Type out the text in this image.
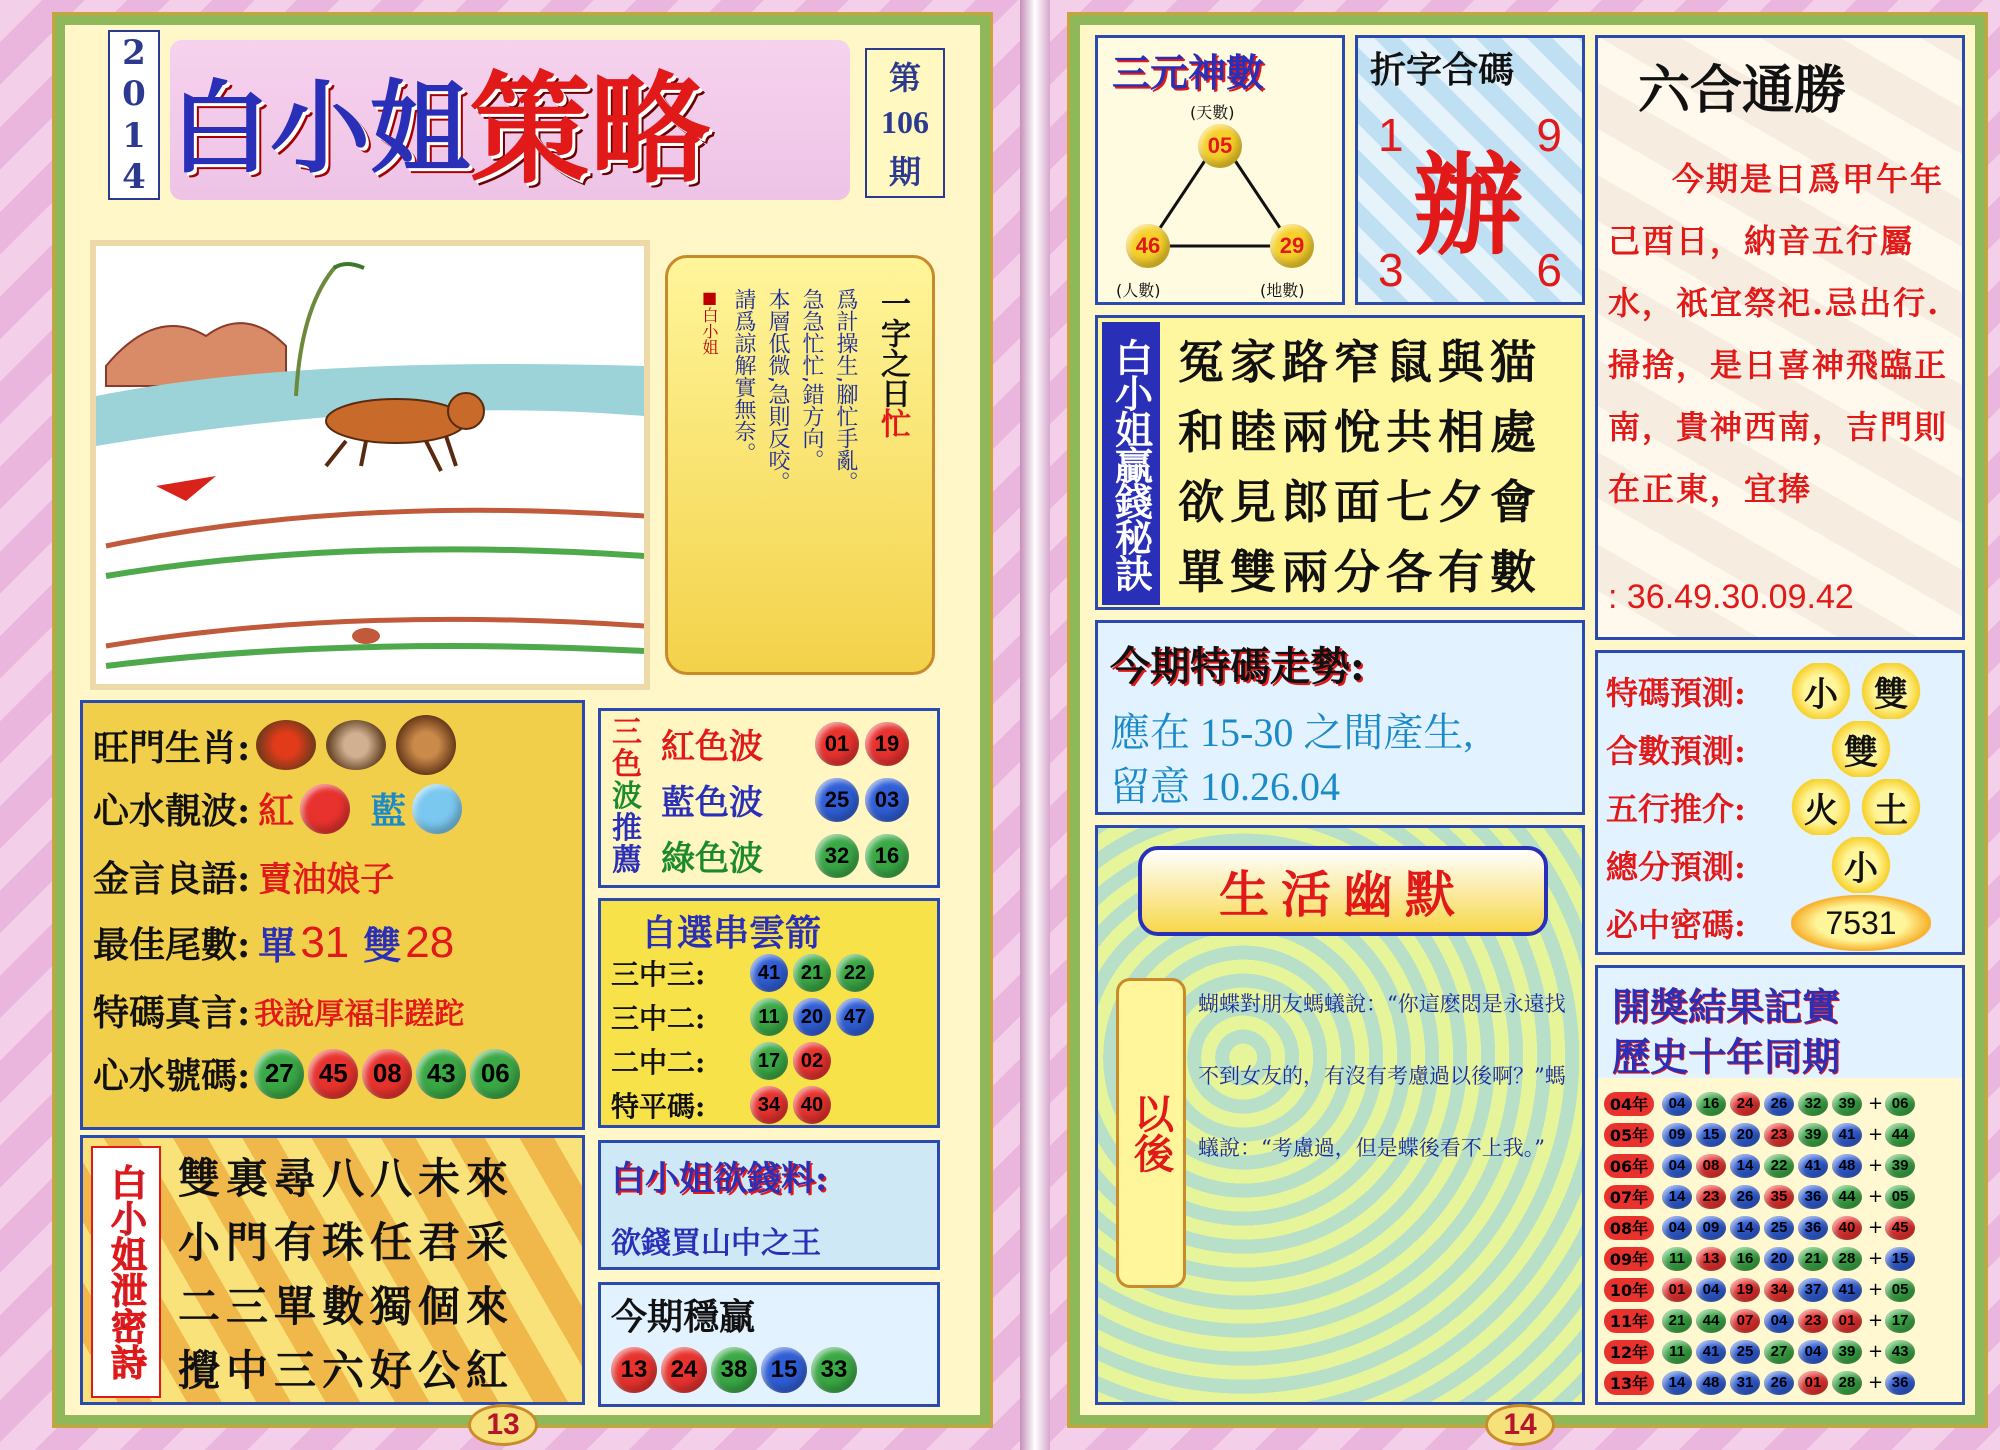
2
0
1
4 白小姐 策略	第
106
期
一字之日忙
爲計操生,腳忙手亂。
急急忙忙,錯方向。
本層低微,急則反咬。
請爲諒解實無奈。
■白小姐
旺門生肖:
心水靚波: 紅 藍
金言良語: 賣油娘子
最佳尾數: 單 31 雙 28
特碼真言: 我說厚福非蹉跎
心水號碼: 27 45 08 43 06
三
色
波
推
薦
紅色波	01	19
藍色波	25	03
綠色波	32	16
自選串雲箭
三中三:	41	21	22
三中二:	11	20	47
二中二:	17	02
特平碼:	34	40
白小姐泄密詩 雙裏尋八八未來
小門有珠任君采
二三單數獨個來
攪中三六好公紅
白小姐欲錢料:
欲錢買山中之王
今期穩贏
13 24 38 15 33
13
三元神數
(天數)
05
46	29
(人數)	(地數)
折字合碼
辦
1	9
3	6
六合通勝
今期是日爲甲午年己酉日，納音五行屬水，祇宜祭祀.忌出行.掃捨，是日喜神飛臨正南，貴神西南，吉門則在正東，宜捧
: 36.49.30.09.42
白小姐贏錢秘訣 冤家路窄鼠與猫
和睦兩悅共相處
欲見郎面七夕會
單雙兩分各有數
今期特碼走勢:
應在 15-30 之間產生,
留意 10.26.04
生活幽默
以後
蝴蝶對朋友螞蟻說：“你這麽悶是永遠找不到女友的，有沒有考慮過以後啊？”螞蟻說：“考慮過，但是蝶後看不上我。”
特碼預測:	小	雙
合數預測:	雙
五行推介:	火	土
總分預測:	小
必中密碼:	7531
開獎結果記實
歷史十年同期
04年	04	16	24	26	32	39 + 06
05年	09	15	20	23	39	41 + 44
06年	04	08	14	22	41	48 + 39
07年	14	23	26	35	36	44 + 05
08年	04	09	14	25	36	40 + 45
09年	11	13	16	20	21	28 + 15
10年	01	04	19	34	37	41 + 05
11年	21	44	07	04	23	01 + 17
12年	11	41	25	27	04	39 + 43
13年	14	48	31	26	01	28 + 36
14
